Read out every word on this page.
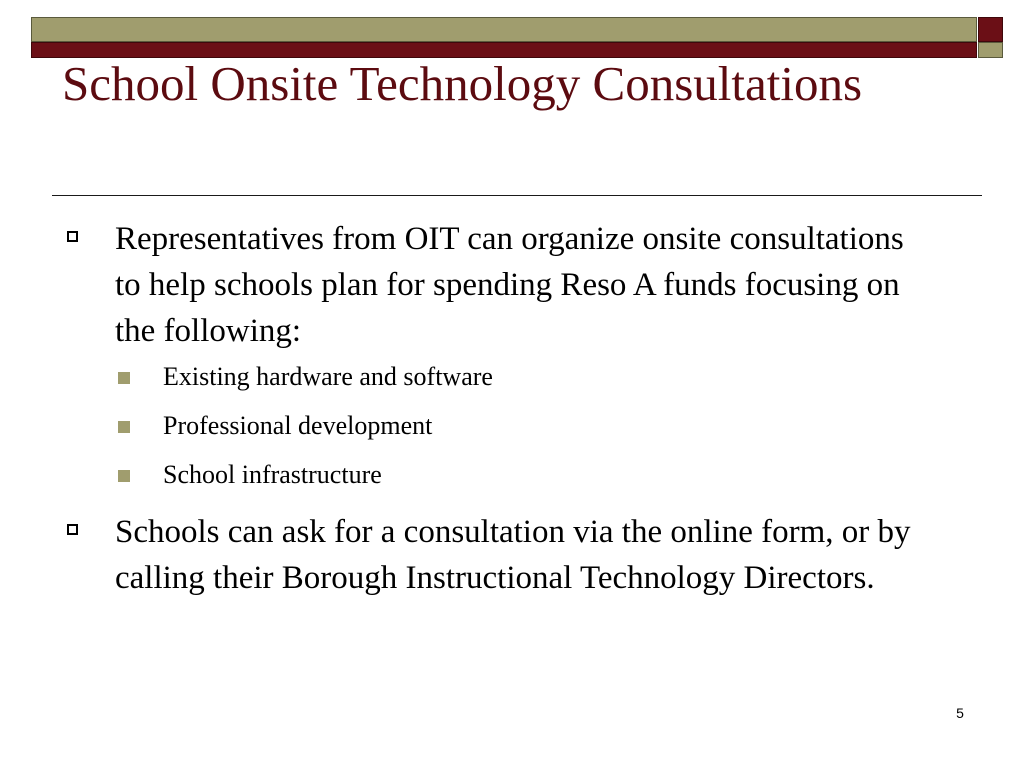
School Onsite Technology Consultations
Representatives from OIT can organize onsite consultations to help schools plan for spending Reso A funds focusing on the following:
Existing hardware and software
Professional development
School infrastructure
Schools can ask for a consultation via the online form, or by calling their Borough Instructional Technology Directors.
5
